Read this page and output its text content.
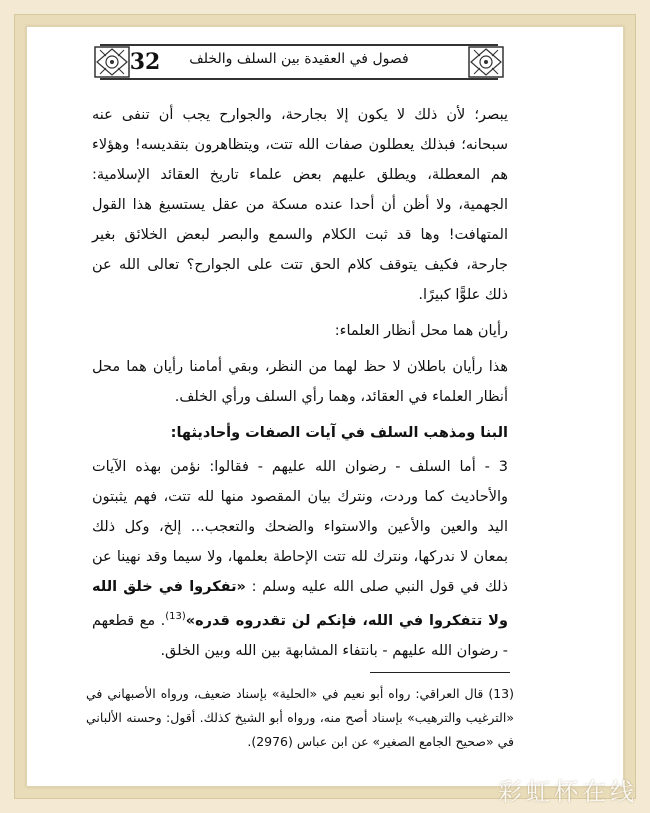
32	فصول في العقيدة بين السلف والخلف

يبصر؛ لأن ذلك لا يكون إلا بجارحة، والجوارح يجب أن تنفى عنه سبحانه؛ فبذلك يعطلون صفات الله تتت، ويتظاهرون بتقديسه! وهؤلاء هم المعطلة، ويطلق عليهم بعض علماء تاريخ العقائد الإسلامية: الجهمية، ولا أظن أن أحدا عنده مسكة من عقل يستسيغ هذا القول المتهافت! وها قد ثبت الكلام والسمع والبصر لبعض الخلائق بغير جارحة، فكيف يتوقف كلام الحق تتت على الجوارح؟ تعالى الله عن ذلك علوًّا كبيرًا.

رأيان هما محل أنظار العلماء:

هذا رأيان باطلان لا حظ لهما من النظر، وبقي أمامنا رأيان هما محل أنظار العلماء في العقائد، وهما رأي السلف ورأي الخلف.

البنا ومذهب السلف في آيات الصفات وأحاديثها:

3 - أما السلف - رضوان الله عليهم - فقالوا: نؤمن بهذه الآيات والأحاديث كما وردت، ونترك بيان المقصود منها لله تتت، فهم يثبتون اليد والعين والأعين والاستواء والضحك والتعجب... إلخ، وكل ذلك بمعان لا ندركها، ونترك لله تتت الإحاطة بعلمها، ولا سيما وقد نهينا عن ذلك في قول النبي صلى الله عليه وسلم : «تفكروا في خلق الله ولا تتفكروا في الله، فإنكم لن تقدروه قدره»$^{(13)}$. مع قطعهم - رضوان الله عليهم - بانتفاء المشابهة بين الله وبين الخلق.

(13) قال العراقي: رواه أبو نعيم في «الحلية» بإسناد ضعيف، ورواه الأصبهاني في «الترغيب والترهيب» بإسناد أصح منه، ورواه أبو الشيخ كذلك. أقول: وحسنه الألباني في «صحيح الجامع الصغير» عن ابن عباس (2976).

彩虹杯在线
